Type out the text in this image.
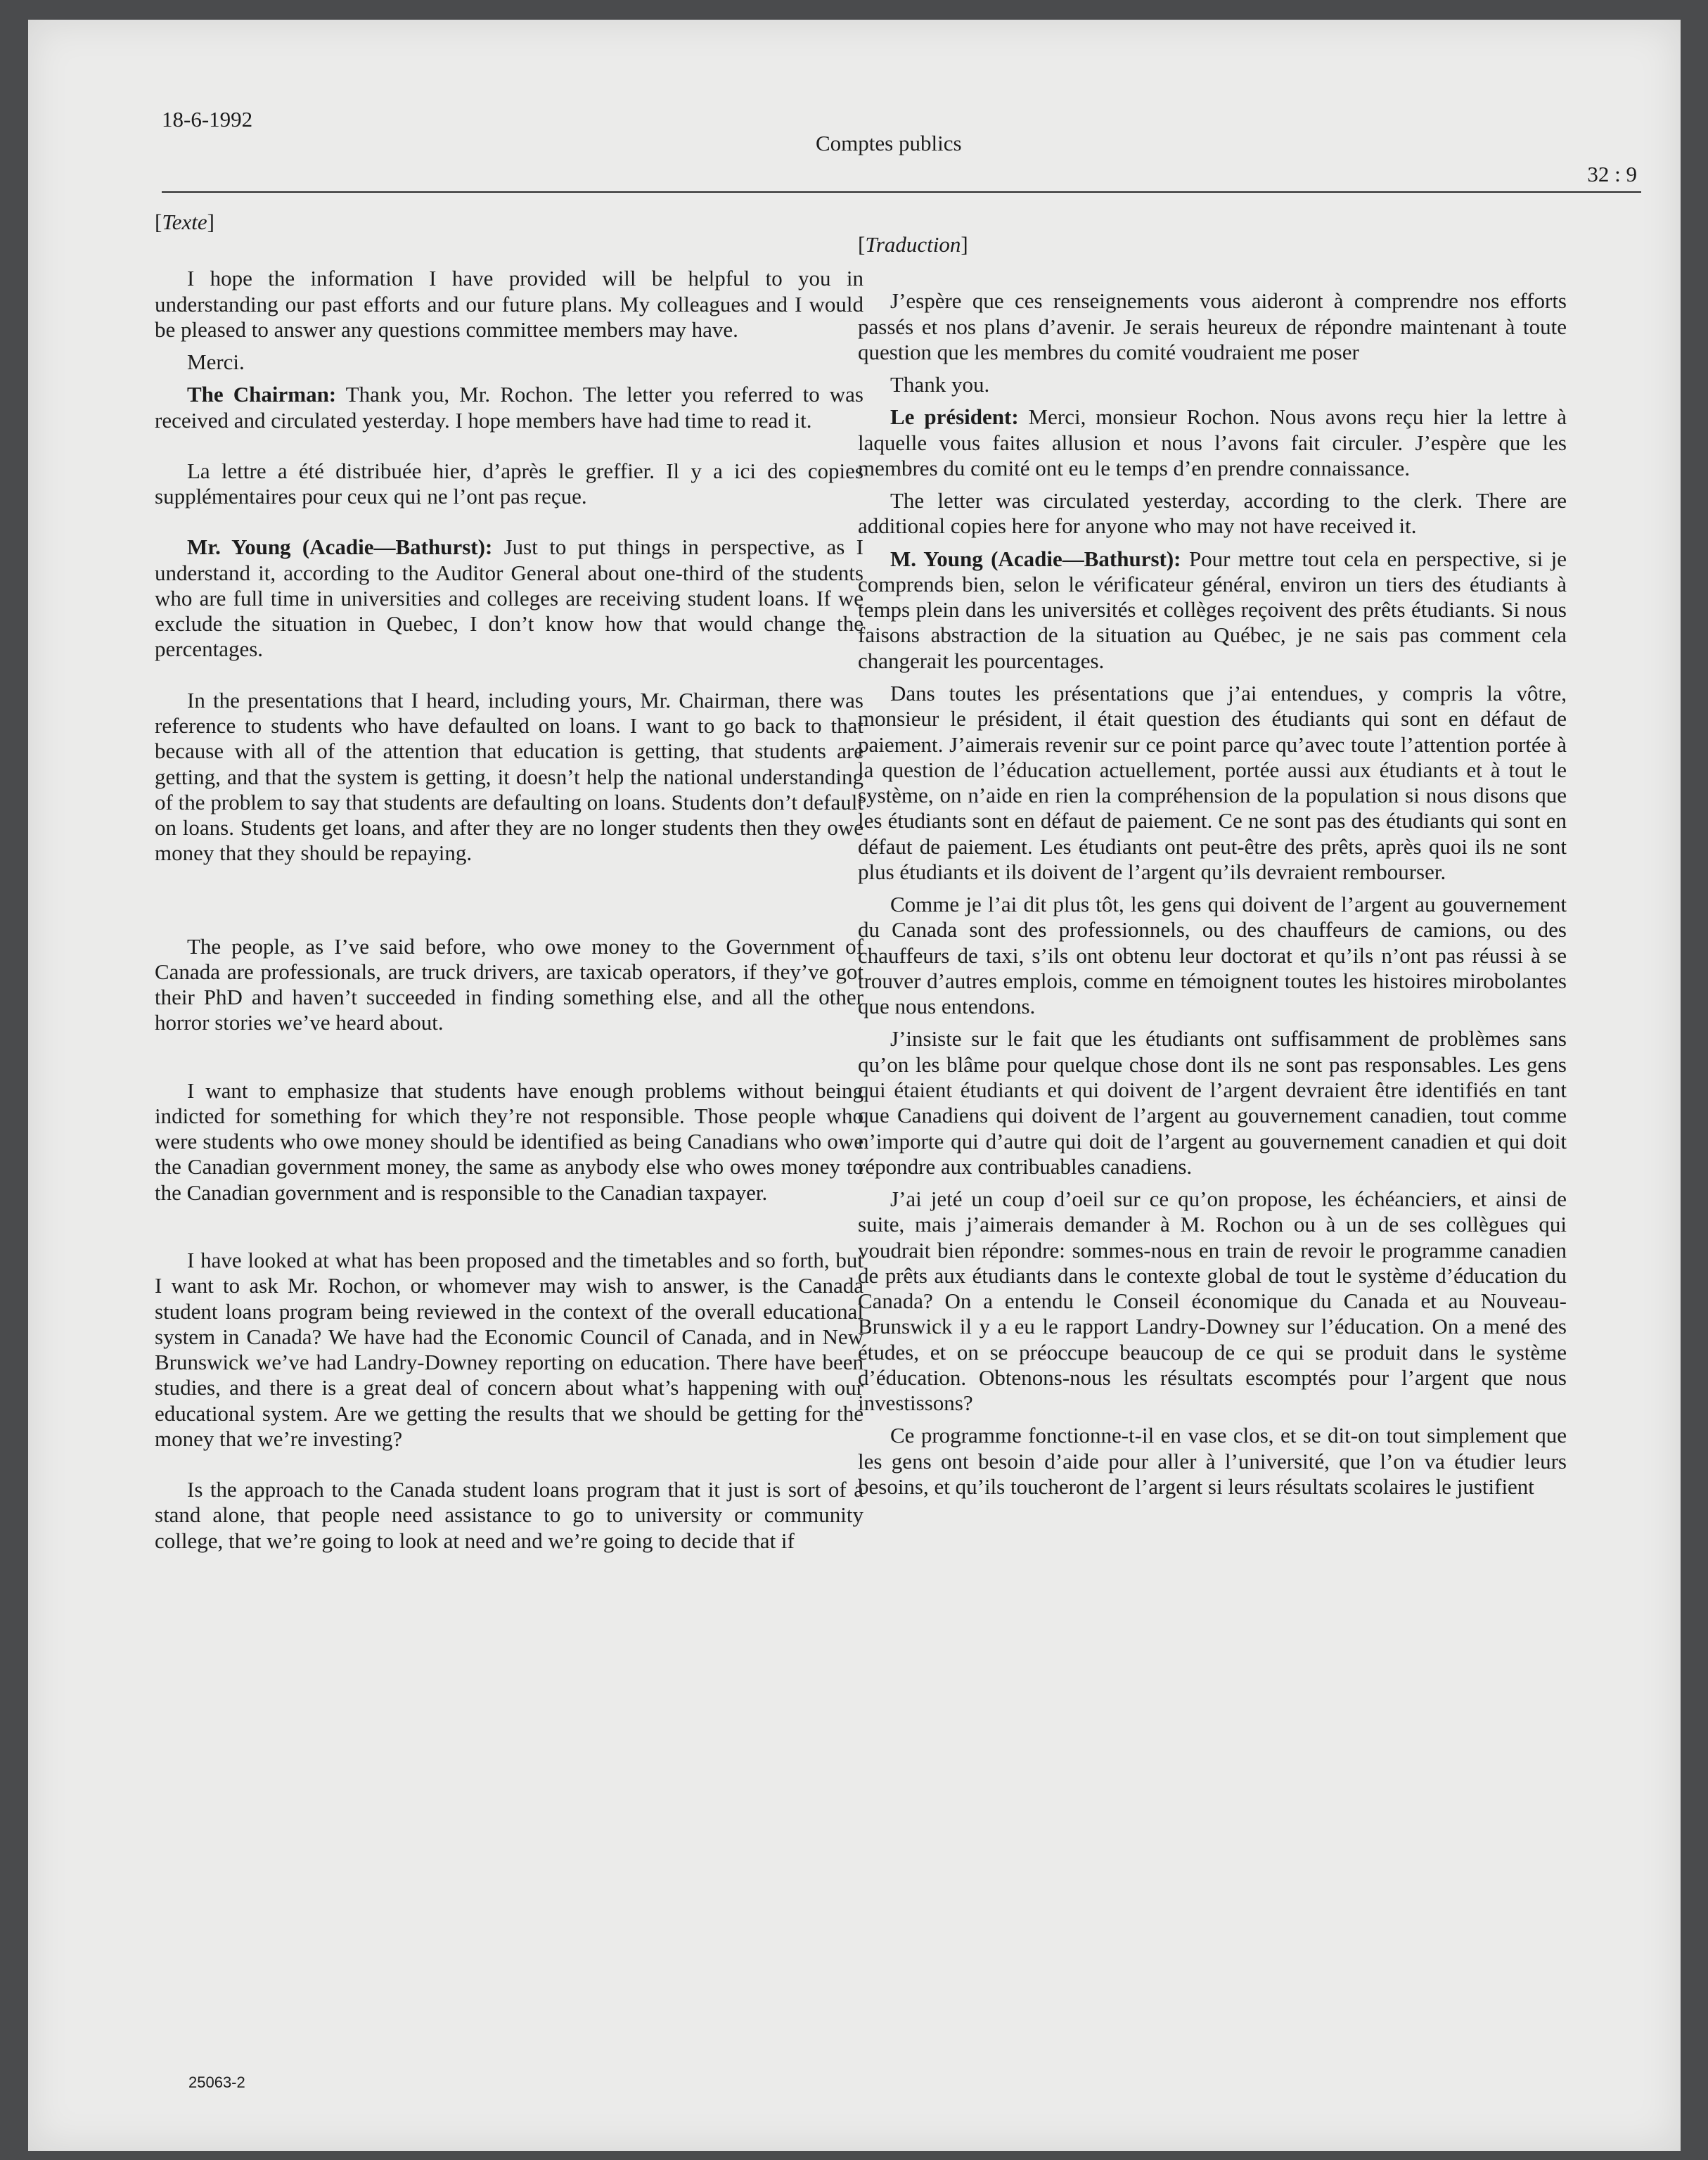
18-6-1992
Comptes publics
32 : 9

[Texte]

I hope the information I have provided will be helpful to you in understanding our past efforts and our future plans. My colleagues and I would be pleased to answer any questions committee members may have.

Merci.

The Chairman: Thank you, Mr. Rochon. The letter you referred to was received and circulated yesterday. I hope members have had time to read it.

La lettre a été distribuée hier, d’après le greffier. Il y a ici des copies supplémentaires pour ceux qui ne l’ont pas reçue.

Mr. Young (Acadie—Bathurst): Just to put things in perspective, as I understand it, according to the Auditor General about one-third of the students who are full time in universities and colleges are receiving student loans. If we exclude the situation in Quebec, I don’t know how that would change the percentages.

In the presentations that I heard, including yours, Mr. Chairman, there was reference to students who have defaulted on loans. I want to go back to that because with all of the attention that education is getting, that students are getting, and that the system is getting, it doesn’t help the national understanding of the problem to say that students are defaulting on loans. Students don’t default on loans. Students get loans, and after they are no longer students then they owe money that they should be repaying.

The people, as I’ve said before, who owe money to the Government of Canada are professionals, are truck drivers, are taxicab operators, if they’ve got their PhD and haven’t succeeded in finding something else, and all the other horror stories we’ve heard about.

I want to emphasize that students have enough problems without being indicted for something for which they’re not responsible. Those people who were students who owe money should be identified as being Canadians who owe the Canadian government money, the same as anybody else who owes money to the Canadian government and is responsible to the Canadian taxpayer.

I have looked at what has been proposed and the timetables and so forth, but I want to ask Mr. Rochon, or whomever may wish to answer, is the Canada student loans program being reviewed in the context of the overall educational system in Canada? We have had the Economic Council of Canada, and in New Brunswick we’ve had Landry-Downey reporting on education. There have been studies, and there is a great deal of concern about what’s happening with our educational system. Are we getting the results that we should be getting for the money that we’re investing?

Is the approach to the Canada student loans program that it just is sort of a stand alone, that people need assistance to go to university or community college, that we’re going to look at need and we’re going to decide that if

[Traduction]

J’espère que ces renseignements vous aideront à comprendre nos efforts passés et nos plans d’avenir. Je serais heureux de répondre maintenant à toute question que les membres du comité voudraient me poser

Thank you.

Le président: Merci, monsieur Rochon. Nous avons reçu hier la lettre à laquelle vous faites allusion et nous l’avons fait circuler. J’espère que les membres du comité ont eu le temps d’en prendre connaissance.

The letter was circulated yesterday, according to the clerk. There are additional copies here for anyone who may not have received it.

M. Young (Acadie—Bathurst): Pour mettre tout cela en perspective, si je comprends bien, selon le vérificateur général, environ un tiers des étudiants à temps plein dans les universités et collèges reçoivent des prêts étudiants. Si nous faisons abstraction de la situation au Québec, je ne sais pas comment cela changerait les pourcentages.

Dans toutes les présentations que j’ai entendues, y compris la vôtre, monsieur le président, il était question des étudiants qui sont en défaut de paiement. J’aimerais revenir sur ce point parce qu’avec toute l’attention portée à la question de l’éducation actuellement, portée aussi aux étudiants et à tout le système, on n’aide en rien la compréhension de la population si nous disons que les étudiants sont en défaut de paiement. Ce ne sont pas des étudiants qui sont en défaut de paiement. Les étudiants ont peut-être des prêts, après quoi ils ne sont plus étudiants et ils doivent de l’argent qu’ils devraient rembourser.

Comme je l’ai dit plus tôt, les gens qui doivent de l’argent au gouvernement du Canada sont des professionnels, ou des chauffeurs de camions, ou des chauffeurs de taxi, s’ils ont obtenu leur doctorat et qu’ils n’ont pas réussi à se trouver d’autres emplois, comme en témoignent toutes les histoires mirobolantes que nous entendons.

J’insiste sur le fait que les étudiants ont suffisamment de problèmes sans qu’on les blâme pour quelque chose dont ils ne sont pas responsables. Les gens qui étaient étudiants et qui doivent de l’argent devraient être identifiés en tant que Canadiens qui doivent de l’argent au gouvernement canadien, tout comme n’importe qui d’autre qui doit de l’argent au gouvernement canadien et qui doit répondre aux contribuables canadiens.

J’ai jeté un coup d’oeil sur ce qu’on propose, les échéanciers, et ainsi de suite, mais j’aimerais demander à M. Rochon ou à un de ses collègues qui voudrait bien répondre: sommes-nous en train de revoir le programme canadien de prêts aux étudiants dans le contexte global de tout le système d’éducation du Canada? On a entendu le Conseil économique du Canada et au Nouveau-Brunswick il y a eu le rapport Landry-Downey sur l’éducation. On a mené des études, et on se préoccupe beaucoup de ce qui se produit dans le système d’éducation. Obtenons-nous les résultats escomptés pour l’argent que nous investissons?

Ce programme fonctionne-t-il en vase clos, et se dit-on tout simplement que les gens ont besoin d’aide pour aller à l’université, que l’on va étudier leurs besoins, et qu’ils toucheront de l’argent si leurs résultats scolaires le justifient

25063-2
